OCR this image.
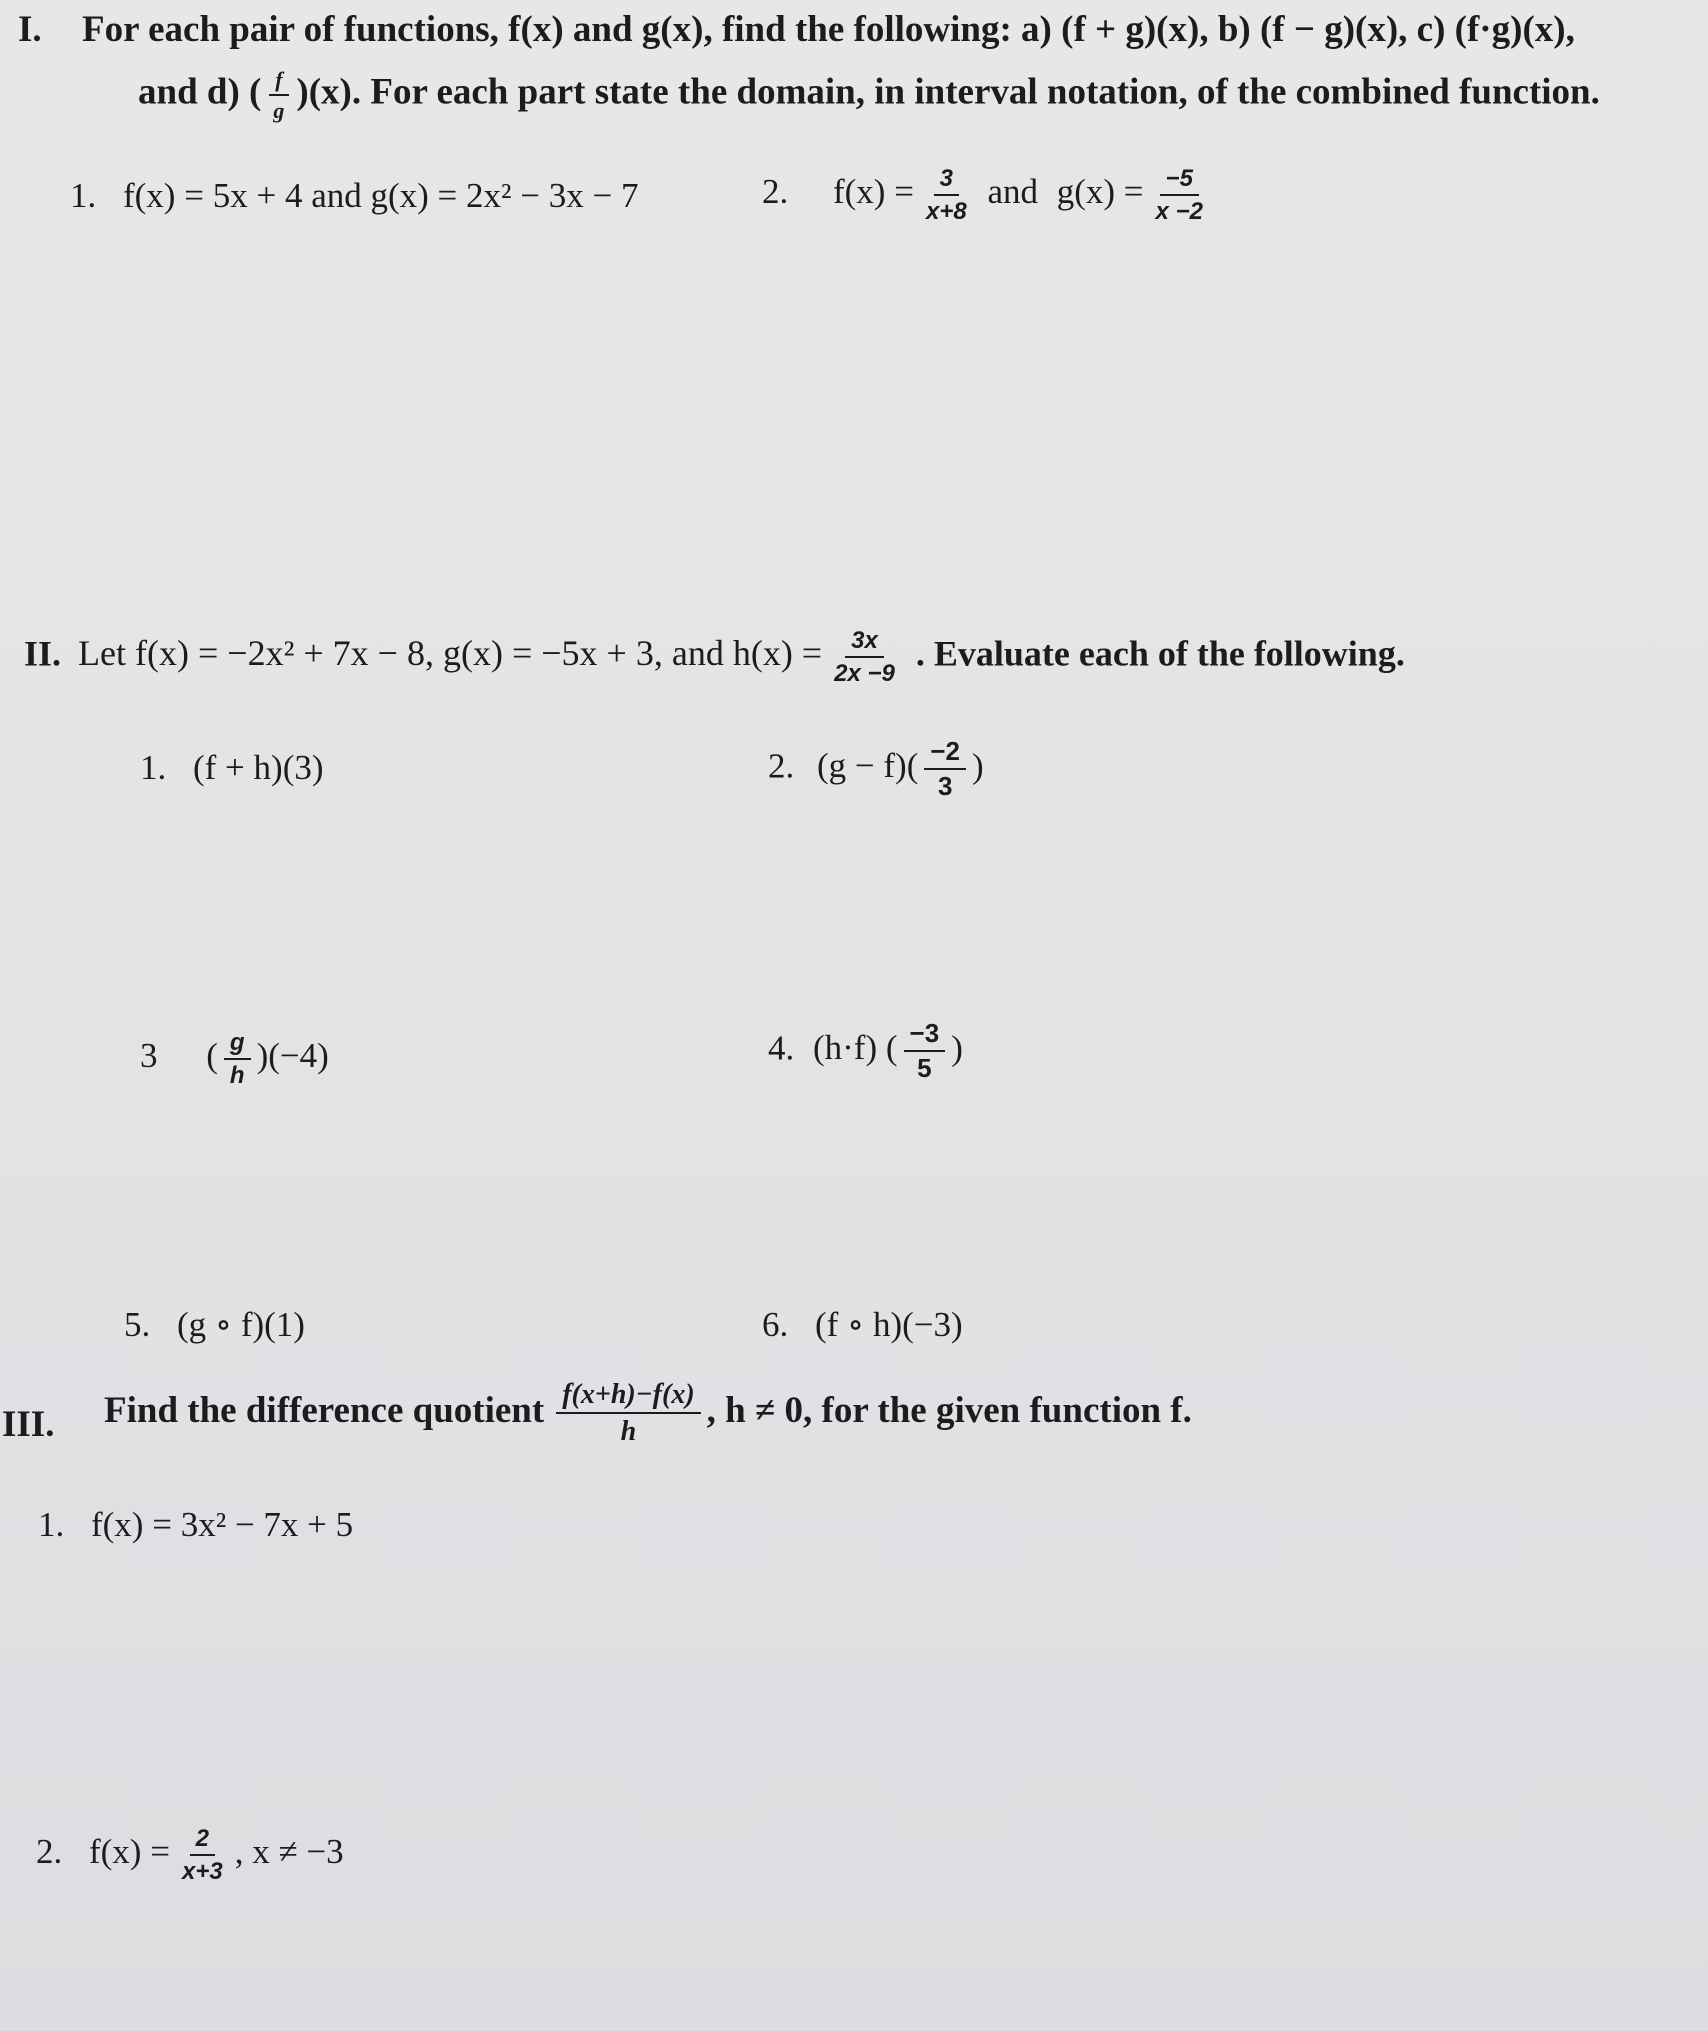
I. For each pair of functions, f(x) and g(x), find the following: a) (f + g)(x), b) (f − g)(x), c) (f·g)(x),
and d) ( $\frac{f}{g} )(x)$. For each part state the domain, in interval notation, of the combined function.
1. f(x) = 5x + 4 and g(x) = 2x² − 3x − 7	2. $f(x) = \frac{3}{x+8}$ and $g(x) = \frac{-5}{x -2}$
II. Let f(x) = −2x² + 7x − 8, g(x) = −5x + 3, and $h(x) = \frac{3x}{2x -9}$ . Evaluate each of the following.
1. (f + h)(3)	2. $(g - f)( \frac{-2}{3}$ )
3 ( $\frac{g}{h} )(-4)$	4. (h·f) ( $\frac{-3}{5}$ )
5. (g ∘ f)(1)	6. (f ∘ h)(−3)
III. Find the difference quotient $\frac{f(x+h)-f(x)}{h}$ , h ≠ 0, for the given function f.
1. f(x) = 3x² − 7x + 5
2. $f(x) = \frac{2}{x+3}$ , x ≠ −3
